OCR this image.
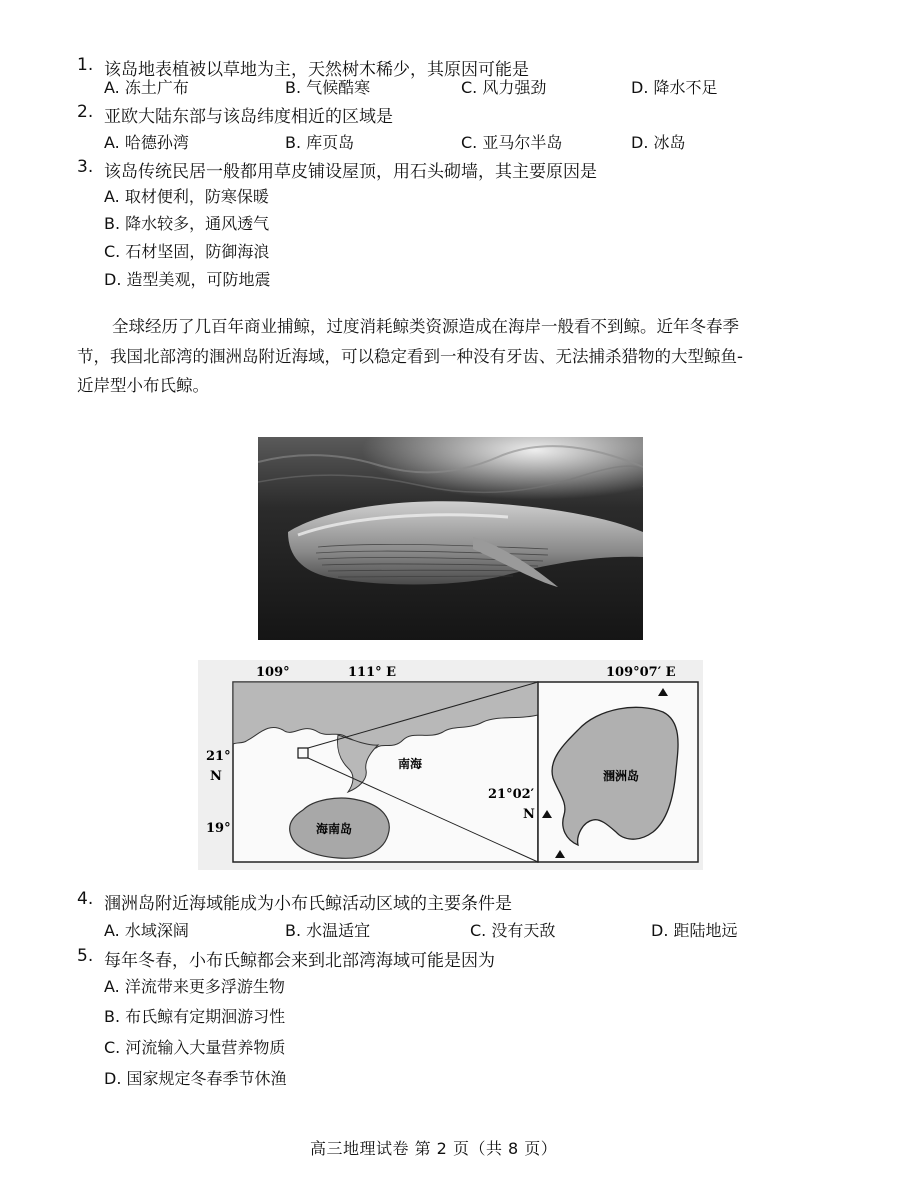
1. 该岛地表植被以草地为主，天然树木稀少，其原因可能是
A. 冻土广布	B. 气候酷寒	C. 风力强劲	D. 降水不足
2. 亚欧大陆东部与该岛纬度相近的区域是
A. 哈德孙湾	B. 库页岛	C. 亚马尔半岛	D. 冰岛
3. 该岛传统民居一般都用草皮铺设屋顶，用石头砌墙，其主要原因是
A. 取材便利，防寒保暖
B. 降水较多，通风透气
C. 石材坚固，防御海浪
D. 造型美观，可防地震
全球经历了几百年商业捕鲸，过度消耗鲸类资源造成在海岸一般看不到鲸。近年冬春季
节，我国北部湾的涠洲岛附近海域，可以稳定看到一种没有牙齿、无法捕杀猎物的大型鲸鱼-
近岸型小布氏鲸。
109°	111° E
21°
N
19°	海南岛
南海
109°07′ E
21°02′
N
涠洲岛
4. 涠洲岛附近海域能成为小布氏鲸活动区域的主要条件是
A. 水域深阔	B. 水温适宜	C. 没有天敌	D. 距陆地远
5. 每年冬春，小布氏鲸都会来到北部湾海域可能是因为
A. 洋流带来更多浮游生物
B. 布氏鲸有定期洄游习性
C. 河流输入大量营养物质
D. 国家规定冬春季节休渔
高三地理试卷 第 2 页（共 8 页）
